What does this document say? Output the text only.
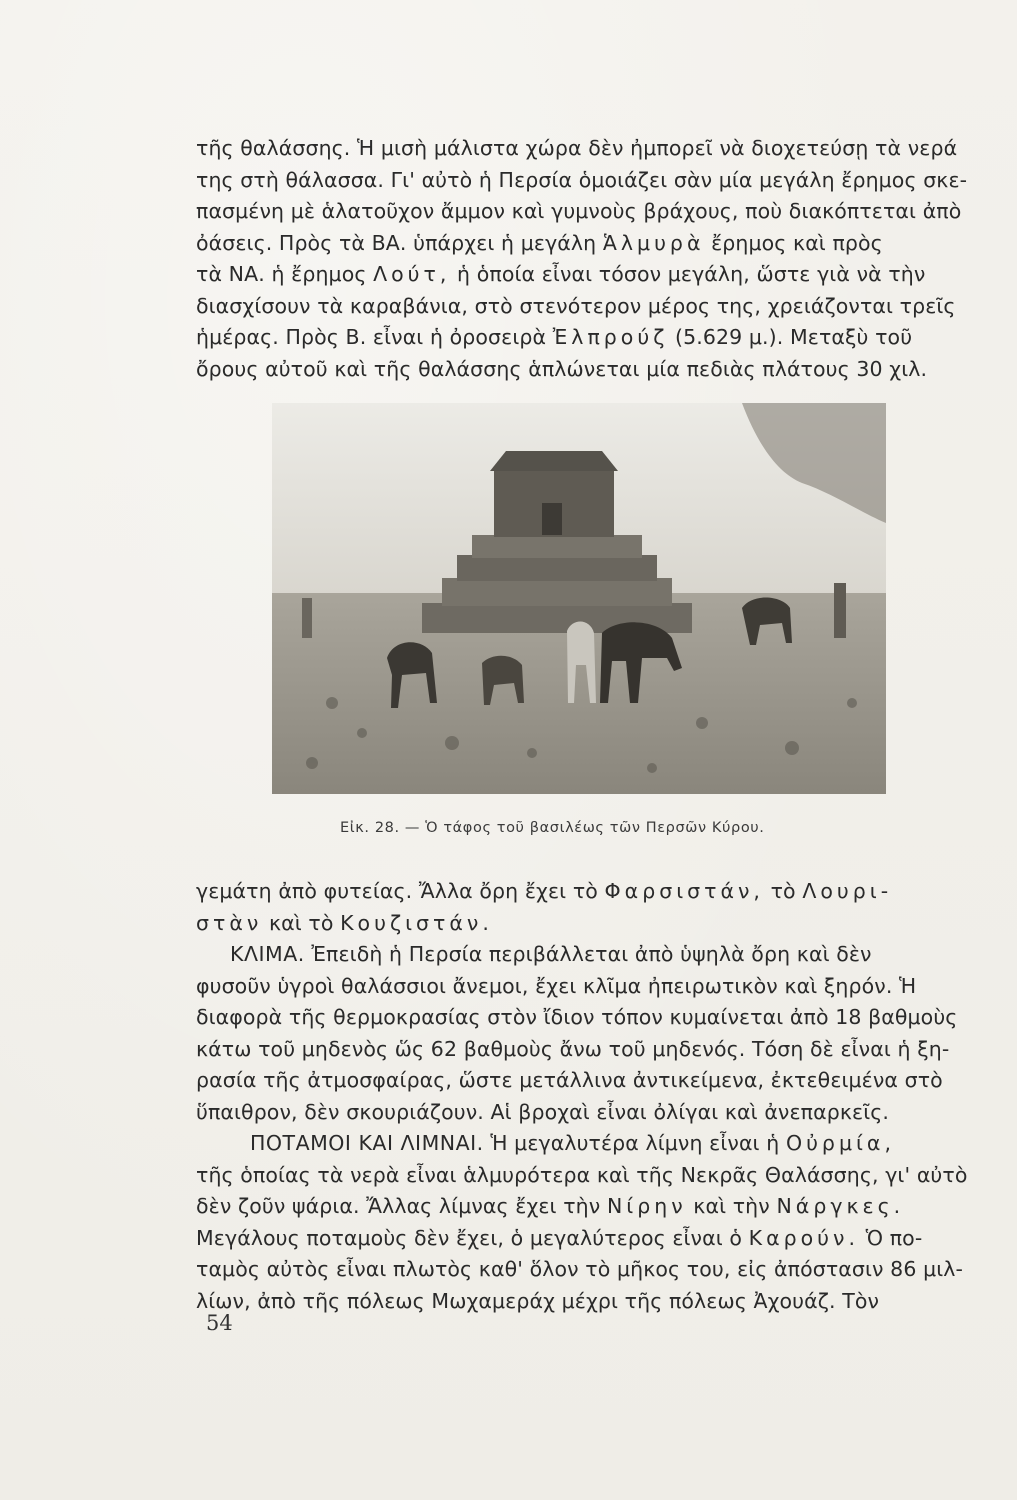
τῆς θαλάσσης. Ἡ μισὴ μάλιστα χώρα δὲν ἠμπορεῖ νὰ διοχετεύσῃ τὰ νερά

της στὴ θάλασσα. Γι' αὐτὸ ἡ Περσία ὁμοιάζει σὰν μία μεγάλη ἔρημος σκε-

πασμένη μὲ ἁλατοῦχον ἄμμον καὶ γυμνοὺς βράχους, ποὺ διακόπτεται ἀπὸ

ὀάσεις. Πρὸς τὰ ΒΑ. ὑπάρχει ἡ μεγάλη Ἁλμυρὰ ἔρημος καὶ πρὸς

τὰ ΝΑ. ἡ ἔρημος Λούτ, ἡ ὁποία εἶναι τόσον μεγάλη, ὥστε γιὰ νὰ τὴν

διασχίσουν τὰ καραβάνια, στὸ στενότερον μέρος της, χρειάζονται τρεῖς

ἡμέρας. Πρὸς Β. εἶναι ἡ ὀροσειρὰ Ἐλπρούζ (5.629 μ.). Μεταξὺ τοῦ

ὄρους αὐτοῦ καὶ τῆς θαλάσσης ἁπλώνεται μία πεδιὰς πλάτους 30 χιλ.

Εἰκ. 28. — Ὁ τάφος τοῦ βασιλέως τῶν Περσῶν Κύρου.

γεμάτη ἀπὸ φυτείας. Ἄλλα ὄρη ἔχει τὸ Φαρσιστάν, τὸ Λουρι-

στὰν καὶ τὸ Κουζιστάν.

ΚΛΙΜΑ. Ἐπειδὴ ἡ Περσία περιβάλλεται ἀπὸ ὑψηλὰ ὄρη καὶ δὲν

φυσοῦν ὑγροὶ θαλάσσιοι ἄνεμοι, ἔχει κλῖμα ἠπειρωτικὸν καὶ ξηρόν. Ἡ

διαφορὰ τῆς θερμοκρασίας στὸν ἴδιον τόπον κυμαίνεται ἀπὸ 18 βαθμοὺς

κάτω τοῦ μηδενὸς ὥς 62 βαθμοὺς ἄνω τοῦ μηδενός. Τόση δὲ εἶναι ἡ ξη-

ρασία τῆς ἀτμοσφαίρας, ὥστε μετάλλινα ἀντικείμενα, ἐκτεθειμένα στὸ

ὕπαιθρον, δὲν σκουριάζουν. Αἱ βροχαὶ εἶναι ὀλίγαι καὶ ἀνεπαρκεῖς.

ΠΟΤΑΜΟΙ ΚΑΙ ΛΙΜΝΑΙ. Ἡ μεγαλυτέρα λίμνη εἶναι ἡ Οὐρμία,

τῆς ὁποίας τὰ νερὰ εἶναι ἁλμυρότερα καὶ τῆς Νεκρᾶς Θαλάσσης, γι' αὐτὸ

δὲν ζοῦν ψάρια. Ἄλλας λίμνας ἔχει τὴν Νίρην καὶ τὴν Νάργκες.

Μεγάλους ποταμοὺς δὲν ἔχει, ὁ μεγαλύτερος εἶναι ὁ Καρούν. Ὁ πο-

ταμὸς αὐτὸς εἶναι πλωτὸς καθ' ὅλον τὸ μῆκος του, εἰς ἀπόστασιν 86 μιλ-

λίων, ἀπὸ τῆς πόλεως Μωχαμεράχ μέχρι τῆς πόλεως Ἀχουάζ. Τὸν

54
